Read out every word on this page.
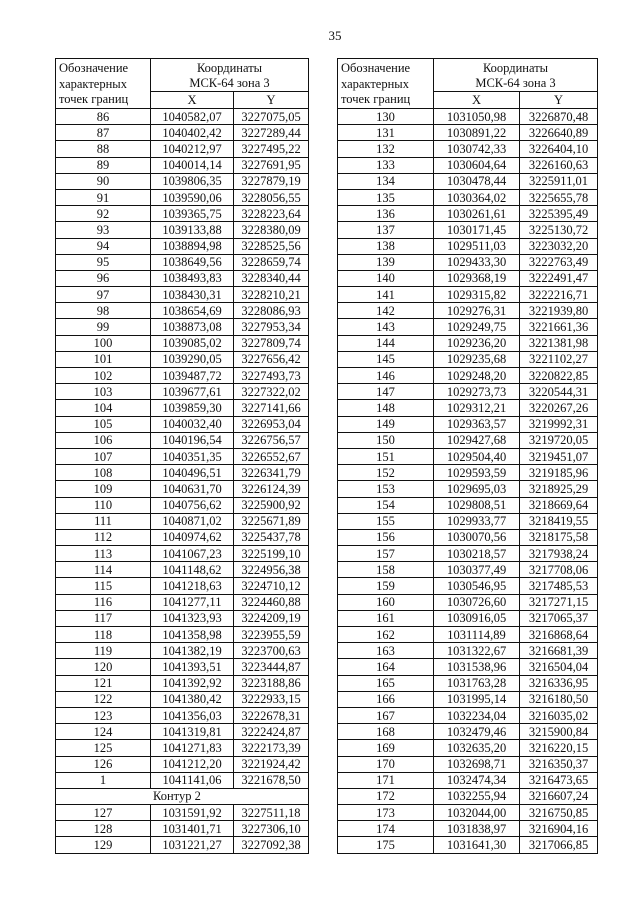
35
Обозначение
характерных
точек границ	Координаты
МСК-64 зона 3	

	X	Y
86	1040582,07	3227075,05
87	1040402,42	3227289,44
88	1040212,97	3227495,22
89	1040014,14	3227691,95
90	1039806,35	3227879,19
91	1039590,06	3228056,55
92	1039365,75	3228223,64
93	1039133,88	3228380,09
94	1038894,98	3228525,56
95	1038649,56	3228659,74
96	1038493,83	3228340,44
97	1038430,31	3228210,21
98	1038654,69	3228086,93
99	1038873,08	3227953,34
100	1039085,02	3227809,74
101	1039290,05	3227656,42
102	1039487,72	3227493,73
103	1039677,61	3227322,02
104	1039859,30	3227141,66
105	1040032,40	3226953,04
106	1040196,54	3226756,57
107	1040351,35	3226552,67
108	1040496,51	3226341,79
109	1040631,70	3226124,39
110	1040756,62	3225900,92
111	1040871,02	3225671,89
112	1040974,62	3225437,78
113	1041067,23	3225199,10
114	1041148,62	3224956,38
115	1041218,63	3224710,12
116	1041277,11	3224460,88
117	1041323,93	3224209,19
118	1041358,98	3223955,59
119	1041382,19	3223700,63
120	1041393,51	3223444,87
121	1041392,92	3223188,86
122	1041380,42	3222933,15
123	1041356,03	3222678,31
124	1041319,81	3222424,87
125	1041271,83	3222173,39
126	1041212,20	3221924,42
1	1041141,06	3221678,50
Контур 2		
127	1031591,92	3227511,18
128	1031401,71	3227306,10
129	1031221,27	3227092,38
Обозначение
характерных
точек границ	Координаты
МСК-64 зона 3	

	X	Y
130	1031050,98	3226870,48
131	1030891,22	3226640,89
132	1030742,33	3226404,10
133	1030604,64	3226160,63
134	1030478,44	3225911,01
135	1030364,02	3225655,78
136	1030261,61	3225395,49
137	1030171,45	3225130,72
138	1029511,03	3223032,20
139	1029433,30	3222763,49
140	1029368,19	3222491,47
141	1029315,82	3222216,71
142	1029276,31	3221939,80
143	1029249,75	3221661,36
144	1029236,20	3221381,98
145	1029235,68	3221102,27
146	1029248,20	3220822,85
147	1029273,73	3220544,31
148	1029312,21	3220267,26
149	1029363,57	3219992,31
150	1029427,68	3219720,05
151	1029504,40	3219451,07
152	1029593,59	3219185,96
153	1029695,03	3218925,29
154	1029808,51	3218669,64
155	1029933,77	3218419,55
156	1030070,56	3218175,58
157	1030218,57	3217938,24
158	1030377,49	3217708,06
159	1030546,95	3217485,53
160	1030726,60	3217271,15
161	1030916,05	3217065,37
162	1031114,89	3216868,64
163	1031322,67	3216681,39
164	1031538,96	3216504,04
165	1031763,28	3216336,95
166	1031995,14	3216180,50
167	1032234,04	3216035,02
168	1032479,46	3215900,84
169	1032635,20	3216220,15
170	1032698,71	3216350,37
171	1032474,34	3216473,65
172	1032255,94	3216607,24
173	1032044,00	3216750,85
174	1031838,97	3216904,16
175	1031641,30	3217066,85
